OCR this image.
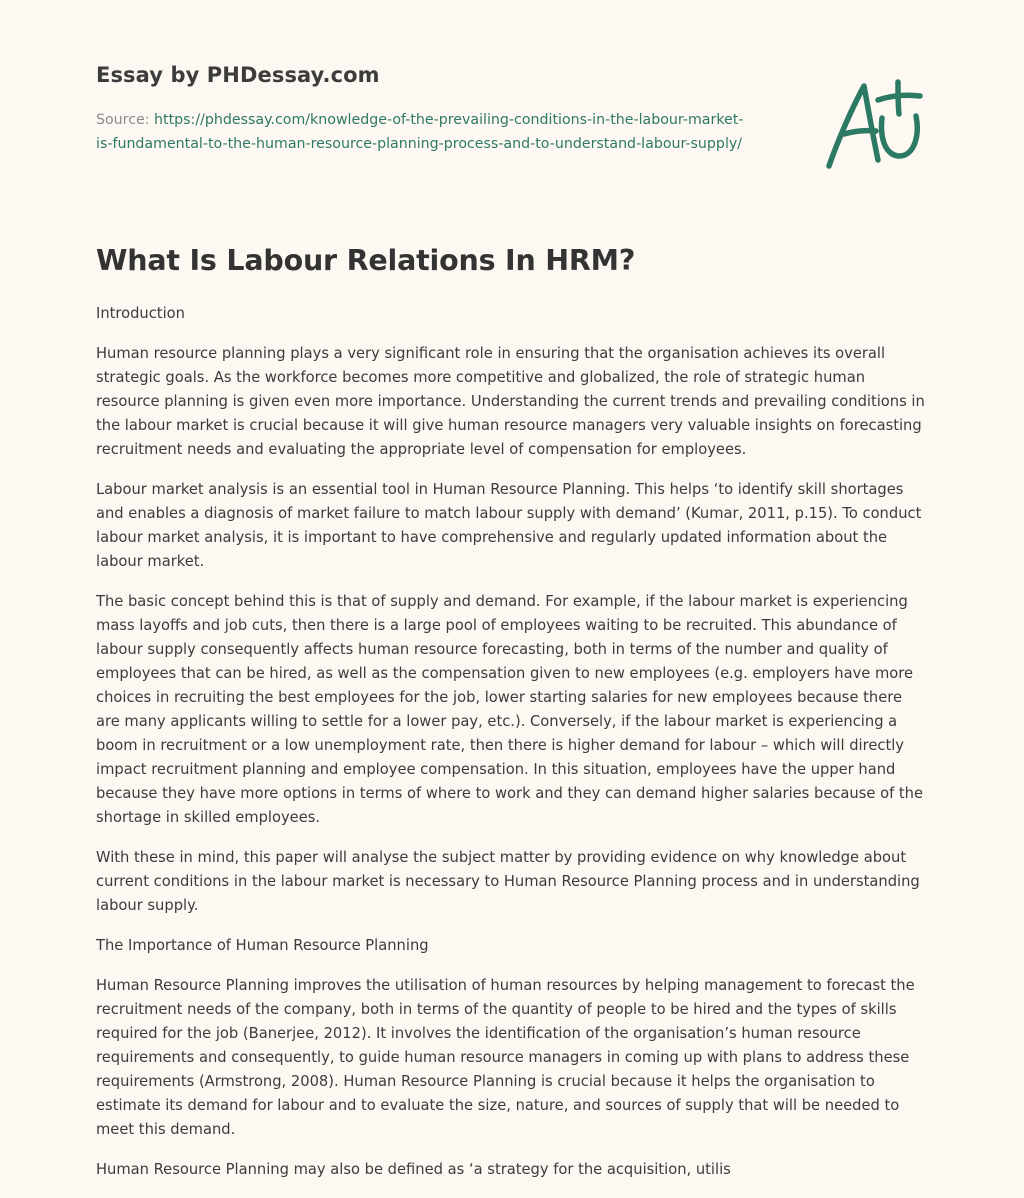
Essay by PHDessay.com
Source: https://phdessay.com/knowledge-of-the-prevailing-conditions-in-the-labour-market-is-fundamental-to-the-human-resource-planning-process-and-to-understand-labour-supply/
What Is Labour Relations In HRM?

Introduction

Human resource planning plays a very significant role in ensuring that the organisation achieves its overall strategic goals. As the workforce becomes more competitive and globalized, the role of strategic human resource planning is given even more importance. Understanding the current trends and prevailing conditions in the labour market is crucial because it will give human resource managers very valuable insights on forecasting recruitment needs and evaluating the appropriate level of compensation for employees.

Labour market analysis is an essential tool in Human Resource Planning. This helps ‘to identify skill shortages and enables a diagnosis of market failure to match labour supply with demand’ (Kumar, 2011, p.15). To conduct labour market analysis, it is important to have comprehensive and regularly updated information about the labour market.

The basic concept behind this is that of supply and demand. For example, if the labour market is experiencing mass layoffs and job cuts, then there is a large pool of employees waiting to be recruited. This abundance of labour supply consequently affects human resource forecasting, both in terms of the number and quality of employees that can be hired, as well as the compensation given to new employees (e.g. employers have more choices in recruiting the best employees for the job, lower starting salaries for new employees because there are many applicants willing to settle for a lower pay, etc.). Conversely, if the labour market is experiencing a boom in recruitment or a low unemployment rate, then there is higher demand for labour – which will directly impact recruitment planning and employee compensation. In this situation, employees have the upper hand because they have more options in terms of where to work and they can demand higher salaries because of the shortage in skilled employees.

With these in mind, this paper will analyse the subject matter by providing evidence on why knowledge about current conditions in the labour market is necessary to Human Resource Planning process and in understanding labour supply.

The Importance of Human Resource Planning

Human Resource Planning improves the utilisation of human resources by helping management to forecast the recruitment needs of the company, both in terms of the quantity of people to be hired and the types of skills required for the job (Banerjee, 2012). It involves the identification of the organisation’s human resource requirements and consequently, to guide human resource managers in coming up with plans to address these requirements (Armstrong, 2008). Human Resource Planning is crucial because it helps the organisation to estimate its demand for labour and to evaluate the size, nature, and sources of supply that will be needed to meet this demand.

Human Resource Planning may also be defined as ‘a strategy for the acquisition, utilis
